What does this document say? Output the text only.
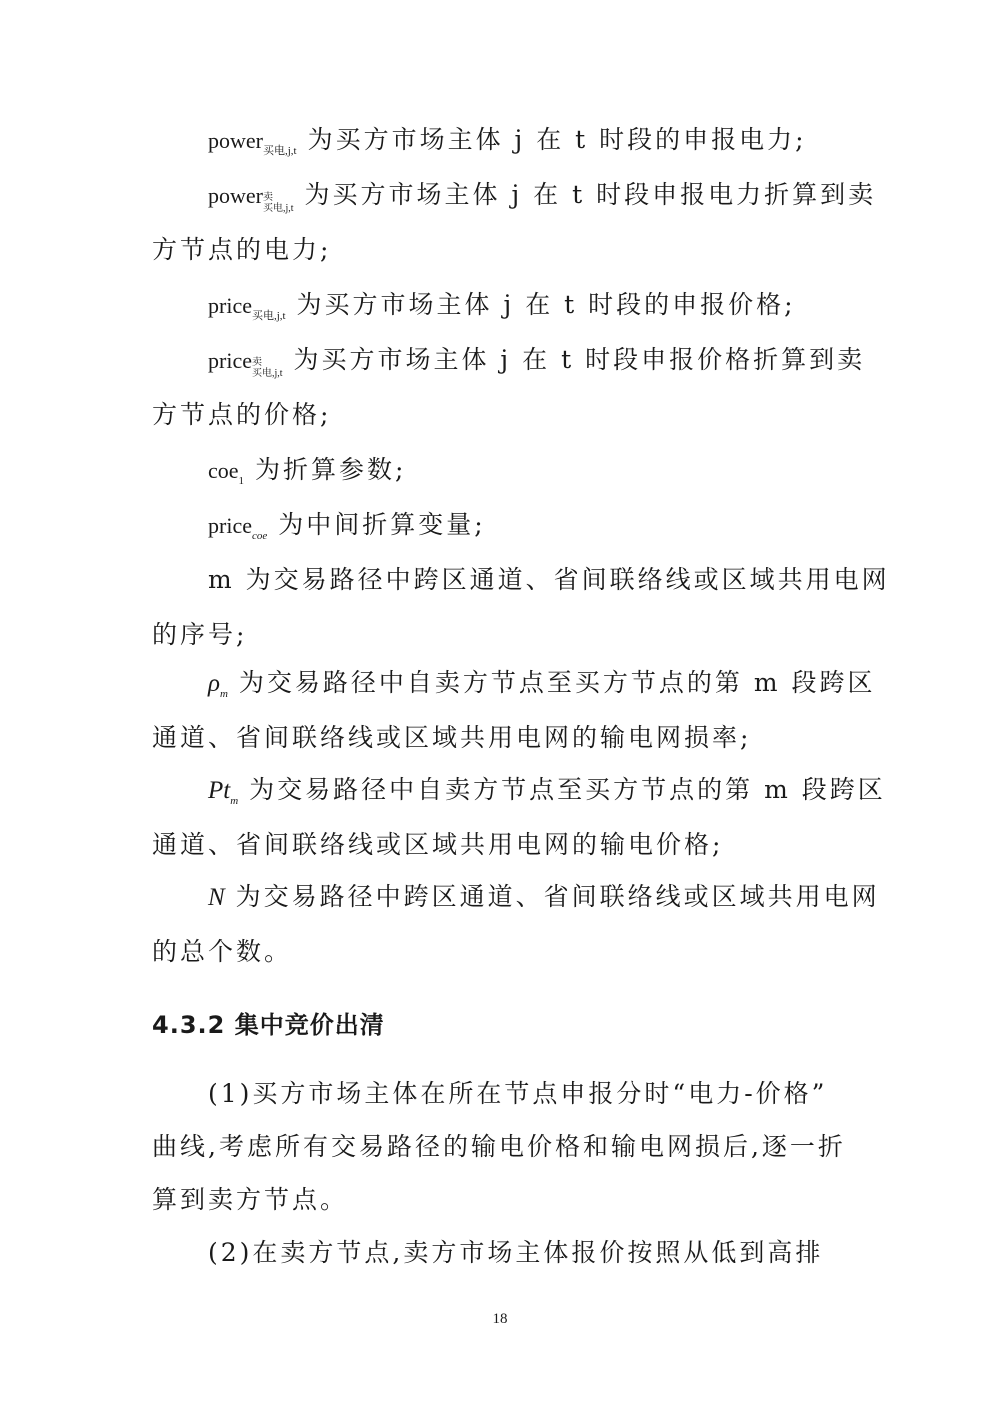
power$_{买电,j,t}$ 为买方市场主体 j 在 t 时段的申报电力;
power 卖
买电,j,t 为买方市场主体 j 在 t 时段申报电力折算到卖
方节点的电力;
price$_{买电,j,t}$ 为买方市场主体 j 在 t 时段的申报价格;
price 卖
买电,j,t 为买方市场主体 j 在 t 时段申报价格折算到卖
方节点的价格;
coe$_1$ 为折算参数;
price$_{coe}$ 为中间折算变量;
m 为交易路径中跨区通道、省间联络线或区域共用电网
的序号;
$\rho_m$ 为交易路径中自卖方节点至买方节点的第 m 段跨区
通道、省间联络线或区域共用电网的输电网损率;
$Pt_m$ 为交易路径中自卖方节点至买方节点的第 m 段跨区
通道、省间联络线或区域共用电网的输电价格;
N 为交易路径中跨区通道、省间联络线或区域共用电网
的总个数。
4.3.2 集中竞价出清
(1)买方市场主体在所在节点申报分时“电力-价格”
曲线,考虑所有交易路径的输电价格和输电网损后,逐一折
算到卖方节点。
(2)在卖方节点,卖方市场主体报价按照从低到高排
18
